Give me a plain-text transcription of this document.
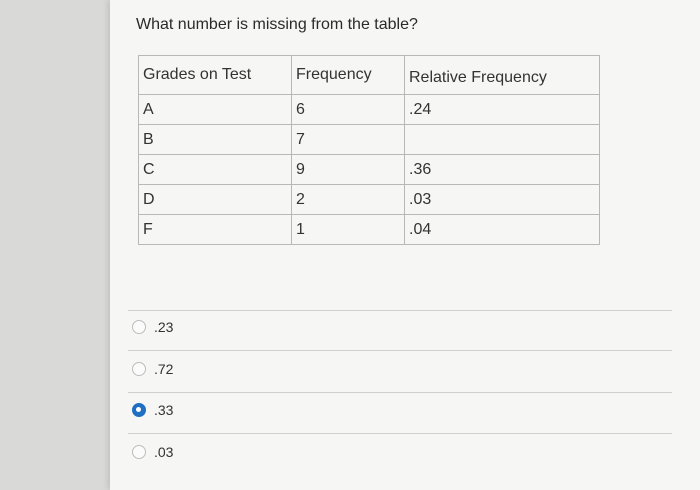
What number is missing from the table?
Grades on Test	Frequency	Relative Frequency
A	6	.24
B	7	
C	9	.36
D	2	.03
F	1	.04
.23
.72
.33
.03
